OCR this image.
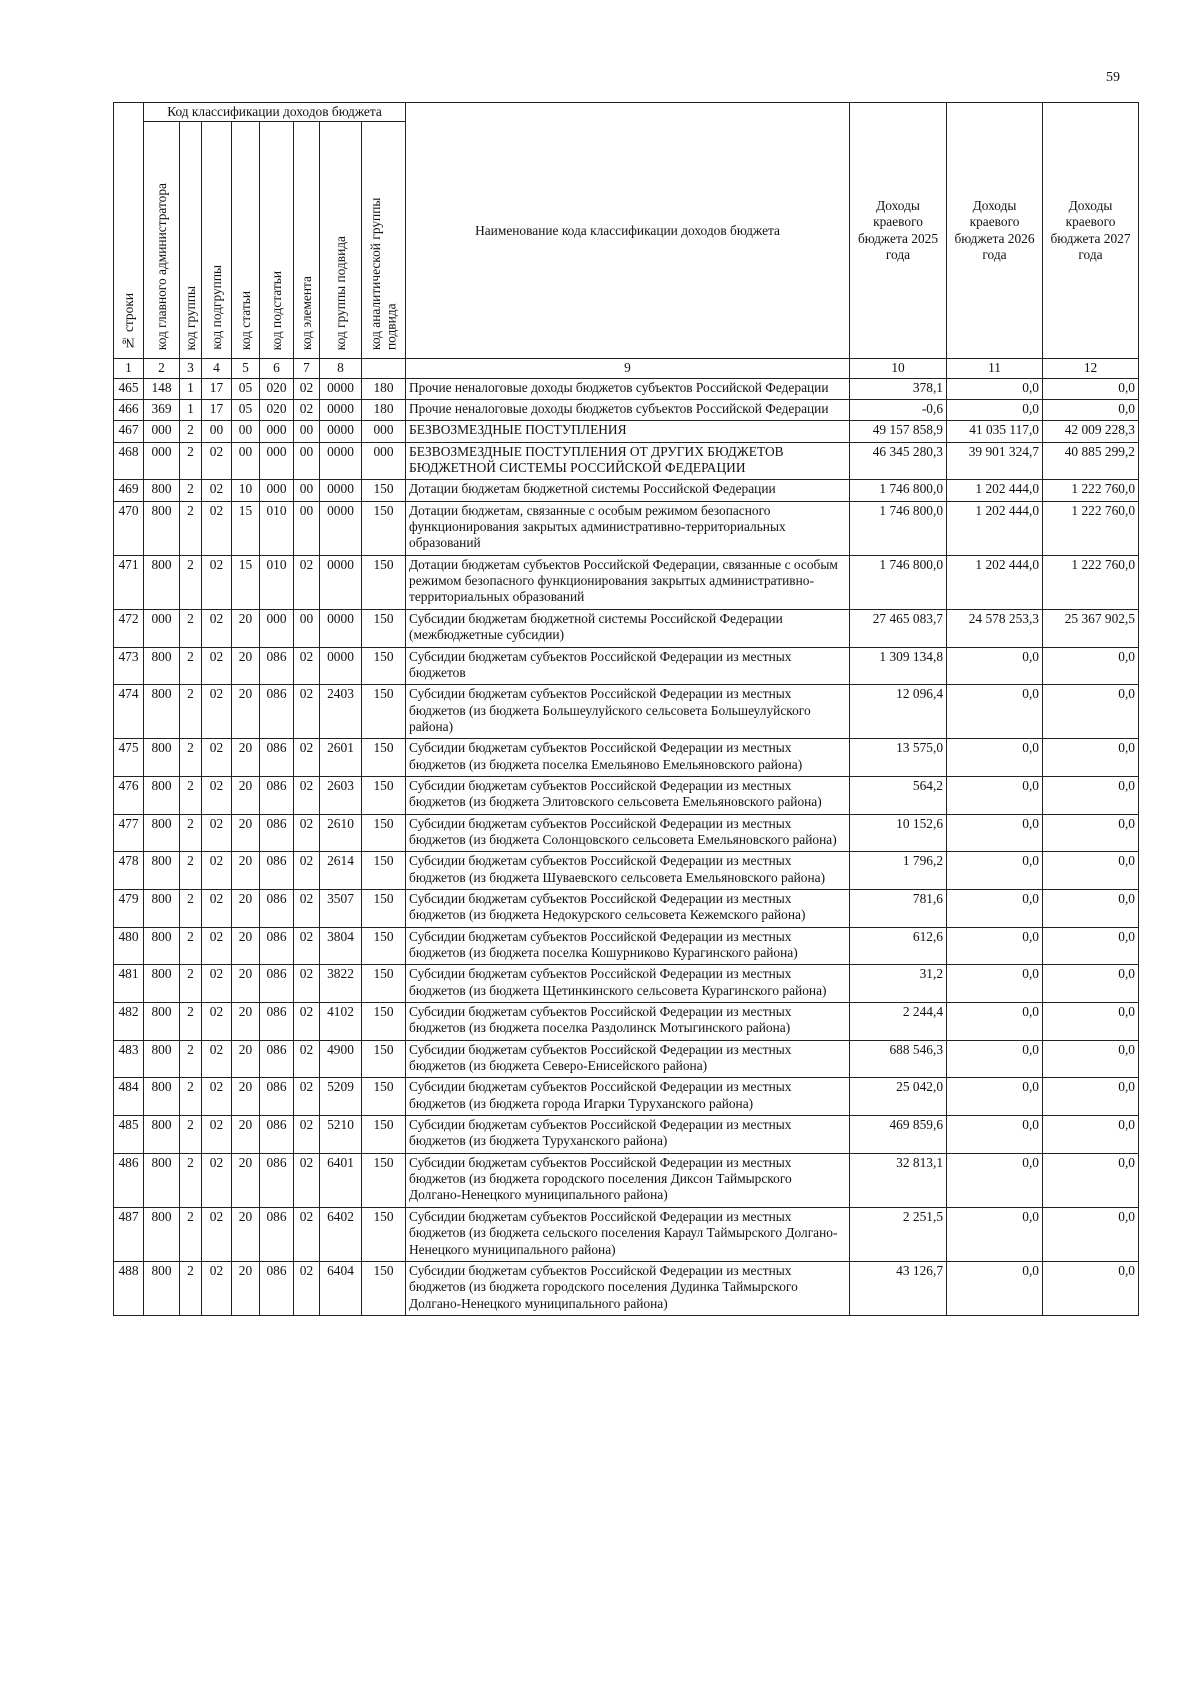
59
№ строки	Код классификации доходов бюджета								Наименование кода классификации доходов бюджета	Доходы краевого бюджета 2025 года	Доходы краевого бюджета 2026 года	Доходы краевого бюджета 2027 года
	код главного администратора	код группы	код подгруппы	код статьи	код подстатьи	код элемента	код группы подвида	код аналитической группы подвида				
1	2	3	4	5	6	7	8		9	10	11	12
465	148	1	17	05	020	02	0000	180	Прочие неналоговые доходы бюджетов субъектов Российской Федерации	378,1	0,0	0,0
466	369	1	17	05	020	02	0000	180	Прочие неналоговые доходы бюджетов субъектов Российской Федерации	-0,6	0,0	0,0
467	000	2	00	00	000	00	0000	000	БЕЗВОЗМЕЗДНЫЕ ПОСТУПЛЕНИЯ	49 157 858,9	41 035 117,0	42 009 228,3
468	000	2	02	00	000	00	0000	000	БЕЗВОЗМЕЗДНЫЕ ПОСТУПЛЕНИЯ ОТ ДРУГИХ БЮДЖЕТОВ БЮДЖЕТНОЙ СИСТЕМЫ РОССИЙСКОЙ ФЕДЕРАЦИИ	46 345 280,3	39 901 324,7	40 885 299,2
469	800	2	02	10	000	00	0000	150	Дотации бюджетам бюджетной системы Российской Федерации	1 746 800,0	1 202 444,0	1 222 760,0
470	800	2	02	15	010	00	0000	150	Дотации бюджетам, связанные с особым режимом безопасного функционирования закрытых административно-территориальных образований	1 746 800,0	1 202 444,0	1 222 760,0
471	800	2	02	15	010	02	0000	150	Дотации бюджетам субъектов Российской Федерации, связанные с особым режимом безопасного функционирования закрытых административно-территориальных образований	1 746 800,0	1 202 444,0	1 222 760,0
472	000	2	02	20	000	00	0000	150	Субсидии бюджетам бюджетной системы Российской Федерации (межбюджетные субсидии)	27 465 083,7	24 578 253,3	25 367 902,5
473	800	2	02	20	086	02	0000	150	Субсидии бюджетам субъектов Российской Федерации из местных бюджетов	1 309 134,8	0,0	0,0
474	800	2	02	20	086	02	2403	150	Субсидии бюджетам субъектов Российской Федерации из местных бюджетов (из бюджета Большеулуйского сельсовета Большеулуйского района)	12 096,4	0,0	0,0
475	800	2	02	20	086	02	2601	150	Субсидии бюджетам субъектов Российской Федерации из местных бюджетов (из бюджета поселка Емельяново Емельяновского района)	13 575,0	0,0	0,0
476	800	2	02	20	086	02	2603	150	Субсидии бюджетам субъектов Российской Федерации из местных бюджетов (из бюджета Элитовского сельсовета Емельяновского района)	564,2	0,0	0,0
477	800	2	02	20	086	02	2610	150	Субсидии бюджетам субъектов Российской Федерации из местных бюджетов (из бюджета Солонцовского сельсовета Емельяновского района)	10 152,6	0,0	0,0
478	800	2	02	20	086	02	2614	150	Субсидии бюджетам субъектов Российской Федерации из местных бюджетов (из бюджета Шуваевского сельсовета Емельяновского района)	1 796,2	0,0	0,0
479	800	2	02	20	086	02	3507	150	Субсидии бюджетам субъектов Российской Федерации из местных бюджетов (из бюджета Недокурского сельсовета Кежемского района)	781,6	0,0	0,0
480	800	2	02	20	086	02	3804	150	Субсидии бюджетам субъектов Российской Федерации из местных бюджетов (из бюджета поселка Кошурниково Курагинского района)	612,6	0,0	0,0
481	800	2	02	20	086	02	3822	150	Субсидии бюджетам субъектов Российской Федерации из местных бюджетов (из бюджета Щетинкинского сельсовета Курагинского района)	31,2	0,0	0,0
482	800	2	02	20	086	02	4102	150	Субсидии бюджетам субъектов Российской Федерации из местных бюджетов (из бюджета поселка Раздолинск Мотыгинского района)	2 244,4	0,0	0,0
483	800	2	02	20	086	02	4900	150	Субсидии бюджетам субъектов Российской Федерации из местных бюджетов (из бюджета Северо-Енисейского района)	688 546,3	0,0	0,0
484	800	2	02	20	086	02	5209	150	Субсидии бюджетам субъектов Российской Федерации из местных бюджетов (из бюджета города Игарки Туруханского района)	25 042,0	0,0	0,0
485	800	2	02	20	086	02	5210	150	Субсидии бюджетам субъектов Российской Федерации из местных бюджетов (из бюджета Туруханского района)	469 859,6	0,0	0,0
486	800	2	02	20	086	02	6401	150	Субсидии бюджетам субъектов Российской Федерации из местных бюджетов (из бюджета городского поселения Диксон Таймырского Долгано-Ненецкого муниципального района)	32 813,1	0,0	0,0
487	800	2	02	20	086	02	6402	150	Субсидии бюджетам субъектов Российской Федерации из местных бюджетов (из бюджета сельского поселения Караул Таймырского Долгано-Ненецкого муниципального района)	2 251,5	0,0	0,0
488	800	2	02	20	086	02	6404	150	Субсидии бюджетам субъектов Российской Федерации из местных бюджетов (из бюджета городского поселения Дудинка Таймырского Долгано-Ненецкого муниципального района)	43 126,7	0,0	0,0
